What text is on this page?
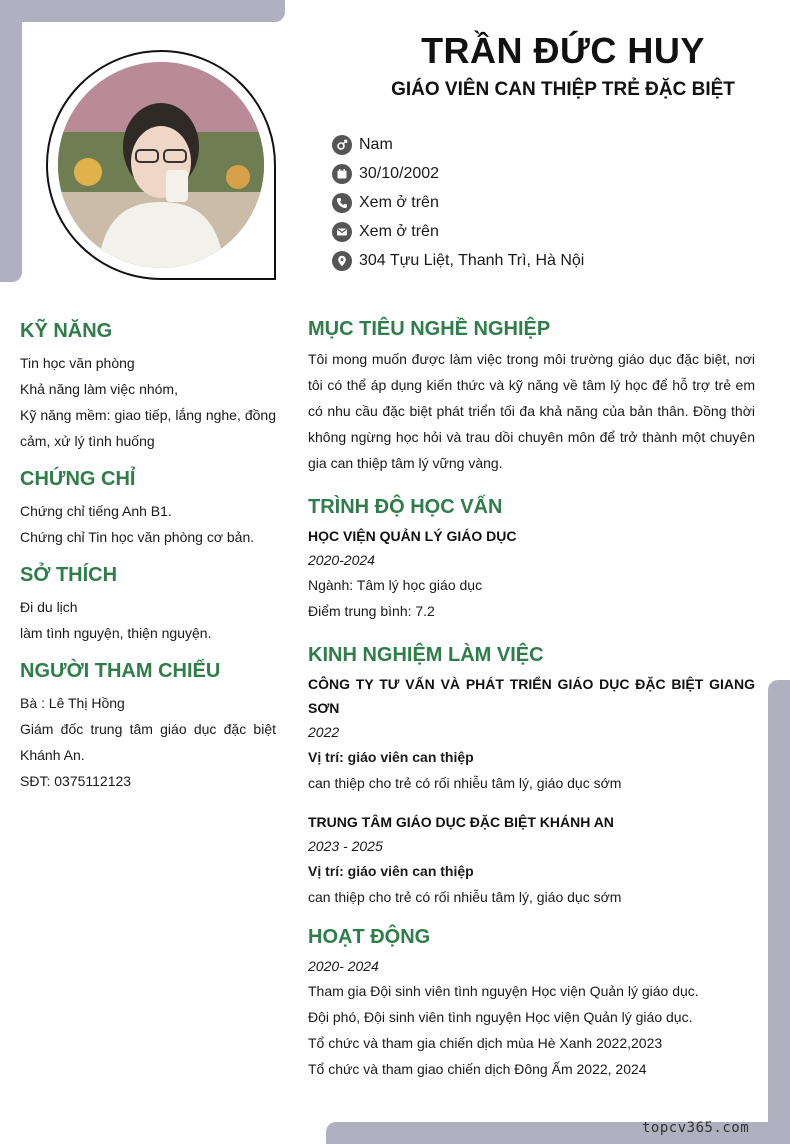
TRẦN ĐỨC HUY
GIÁO VIÊN CAN THIỆP TRẺ ĐẶC BIỆT
Nam
30/10/2002
Xem ở trên
Xem ở trên
304 Tựu Liệt, Thanh Trì, Hà Nội
KỸ NĂNG
Tin học văn phòng
Khả năng làm việc nhóm,
Kỹ năng mềm: giao tiếp, lắng nghe, đồng cảm, xử lý tình huống
CHỨNG CHỈ
Chứng chỉ tiếng Anh B1.
Chứng chỉ Tin học văn phòng cơ bản.
SỞ THÍCH
Đi du lịch
làm tình nguyện, thiện nguyện.
NGƯỜI THAM CHIẾU
Bà : Lê Thị Hồng
Giám đốc trung tâm giáo dục đặc biệt Khánh An.
SĐT: 0375112123
MỤC TIÊU NGHỀ NGHIỆP
Tôi mong muốn được làm việc trong môi trường giáo dục đặc biệt, nơi tôi có thể áp dụng kiến thức và kỹ năng về tâm lý học để hỗ trợ trẻ em có nhu cầu đặc biệt phát triển tối đa khả năng của bản thân. Đồng thời không ngừng học hỏi và trau dồi chuyên môn để trở thành một chuyên gia can thiệp tâm lý vững vàng.
TRÌNH ĐỘ HỌC VẤN
HỌC VIỆN QUẢN LÝ GIÁO DỤC
2020-2024
Ngành: Tâm lý học giáo dục
Điểm trung bình: 7.2
KINH NGHIỆM LÀM VIỆC
CÔNG TY TƯ VẤN VÀ PHÁT TRIỂN GIÁO DỤC ĐẶC BIỆT GIANG SƠN
2022
Vị trí: giáo viên can thiệp
can thiệp cho trẻ có rối nhiễu tâm lý, giáo dục sớm
TRUNG TÂM GIÁO DỤC ĐẶC BIỆT KHÁNH AN
2023 - 2025
Vị trí: giáo viên can thiệp
can thiệp cho trẻ có rối nhiễu tâm lý, giáo dục sớm
HOẠT ĐỘNG
2020- 2024
Tham gia Đội sinh viên tình nguyện Học viện Quản lý giáo dục.
Đội phó, Đội sinh viên tình nguyện Học viện Quản lý giáo dục.
Tổ chức và tham gia chiến dịch mùa Hè Xanh 2022,2023
Tổ chức và tham giao chiến dịch Đông Ấm 2022, 2024
topcv365.com
